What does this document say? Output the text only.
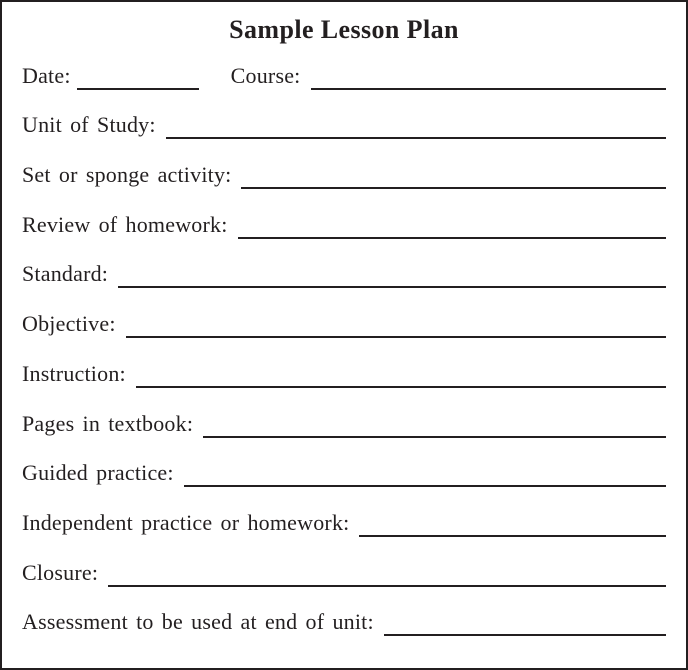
Sample Lesson Plan
Date:	Course:
Unit of Study:
Set or sponge activity:
Review of homework:
Standard:
Objective:
Instruction:
Pages in textbook:
Guided practice:
Independent practice or homework:
Closure:
Assessment to be used at end of unit:
